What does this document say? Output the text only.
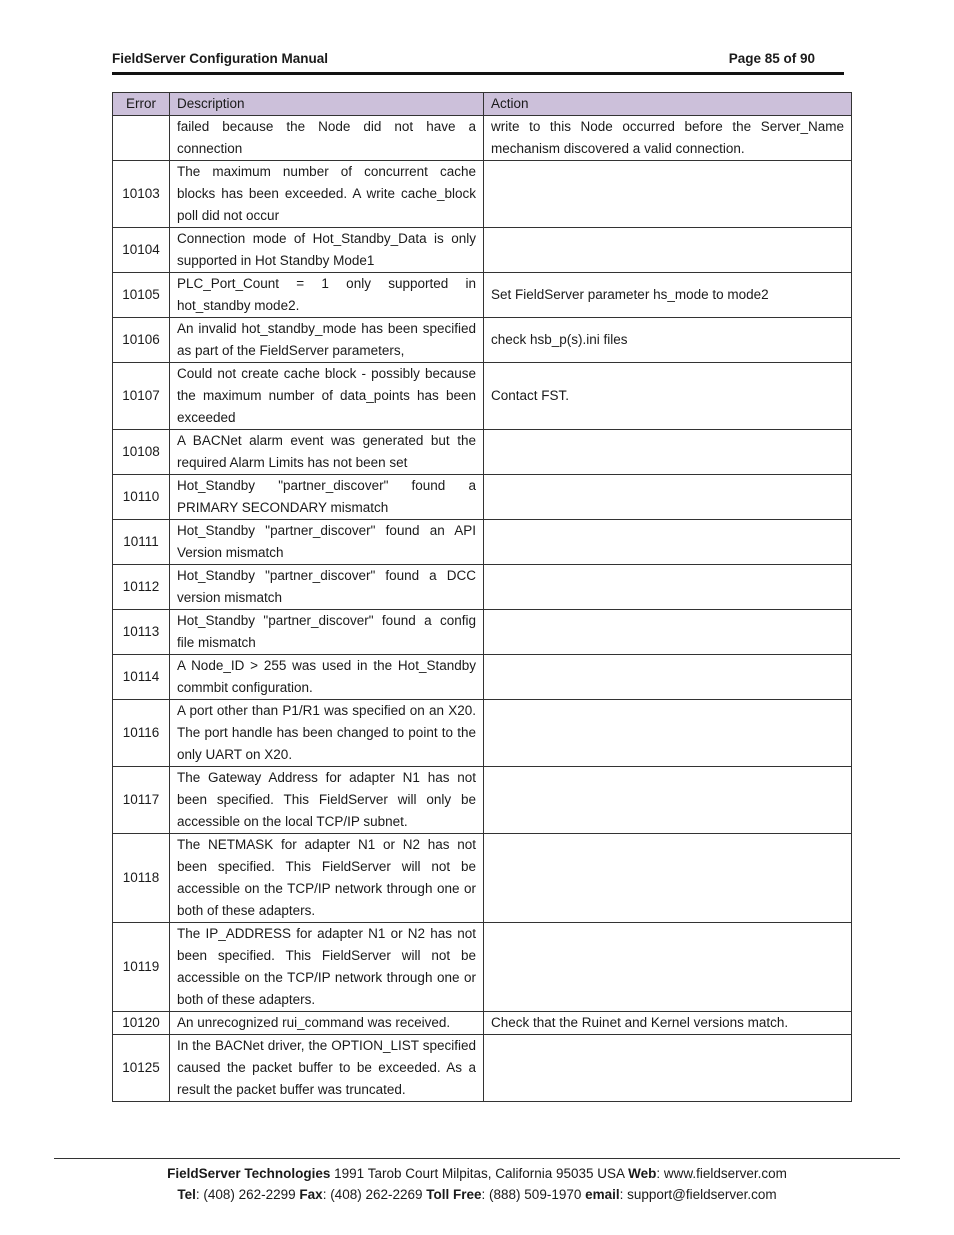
FieldServer Configuration Manual	Page 85 of 90
Error	Description	Action
	failed because the Node did not have a connection	write to this Node occurred before the Server_Name mechanism discovered a valid connection.
10103	The maximum number of concurrent cache blocks has been exceeded. A write cache_block poll did not occur	
10104	Connection mode of Hot_Standby_Data is only supported in Hot Standby Mode1	
10105	PLC_Port_Count = 1 only supported in hot_standby mode2.	Set FieldServer parameter hs_mode to mode2
10106	An invalid hot_standby_mode has been specified as part of the FieldServer parameters,	check hsb_p(s).ini files
10107	Could not create cache block - possibly because the maximum number of data_points has been exceeded	Contact FST.
10108	A BACNet alarm event was generated but the required Alarm Limits has not been set	
10110	Hot_Standby "partner_discover" found a PRIMARY SECONDARY mismatch	
10111	Hot_Standby "partner_discover" found an API Version mismatch	
10112	Hot_Standby "partner_discover" found a DCC version mismatch	
10113	Hot_Standby "partner_discover" found a config file mismatch	
10114	A Node_ID > 255 was used in the Hot_Standby commbit configuration.	
10116	A port other than P1/R1 was specified on an X20. The port handle has been changed to point to the only UART on X20.	
10117	The Gateway Address for adapter N1 has not been specified. This FieldServer will only be accessible on the local TCP/IP subnet.	
10118	The NETMASK for adapter N1 or N2 has not been specified. This FieldServer will not be accessible on the TCP/IP network through one or both of these adapters.	
10119	The IP_ADDRESS for adapter N1 or N2 has not been specified. This FieldServer will not be accessible on the TCP/IP network through one or both of these adapters.	
10120	An unrecognized rui_command was received.	Check that the Ruinet and Kernel versions match.
10125	In the BACNet driver, the OPTION_LIST specified caused the packet buffer to be exceeded. As a result the packet buffer was truncated.	
FieldServer Technologies 1991 Tarob Court Milpitas, California 95035 USA Web: www.fieldserver.com
Tel: (408) 262-2299 Fax: (408) 262-2269 Toll Free: (888) 509-1970 email: support@fieldserver.com
